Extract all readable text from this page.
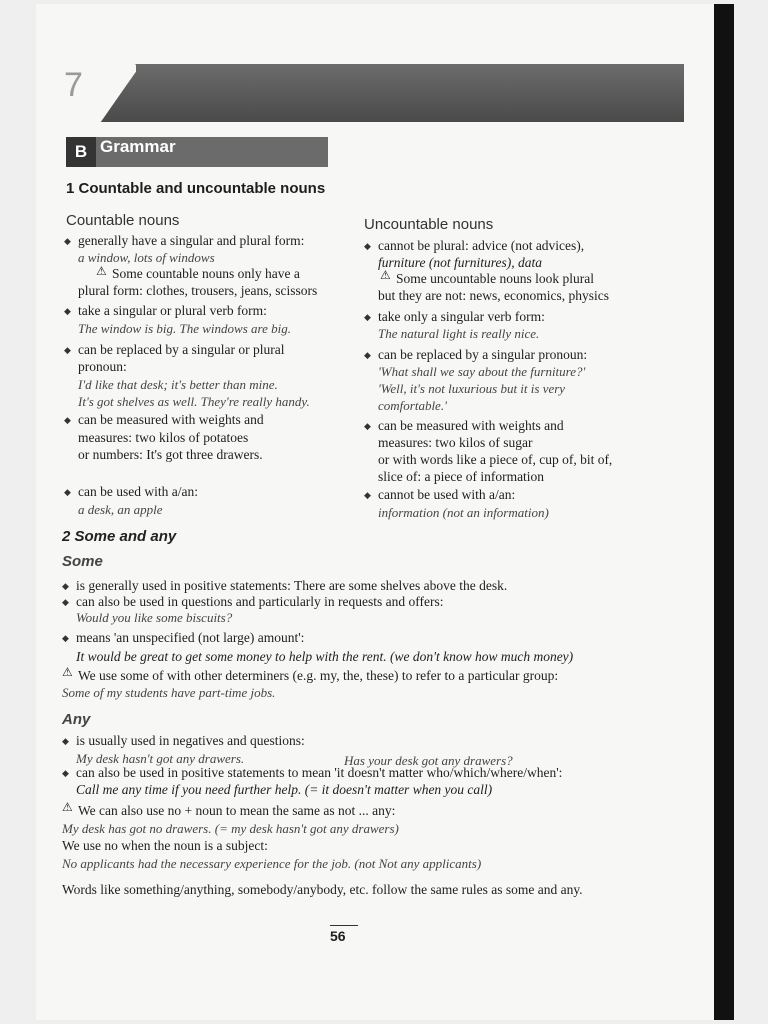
7
B Grammar
1 Countable and uncountable nouns
Countable nouns
◆ generally have a singular and plural form:
a window, lots of windows
⚠ Some countable nouns only have a
plural form: clothes, trousers, jeans, scissors
◆ take a singular or plural verb form:
The window is big. The windows are big.
◆ can be replaced by a singular or plural
pronoun:
I'd like that desk; it's better than mine.
It's got shelves as well. They're really handy.
◆ can be measured with weights and
measures: two kilos of potatoes
or numbers: It's got three drawers.
◆ can be used with a/an:
a desk, an apple
Uncountable nouns
◆ cannot be plural: advice (not advices),
furniture (not furnitures), data
⚠ Some uncountable nouns look plural
but they are not: news, economics, physics
◆ take only a singular verb form:
The natural light is really nice.
◆ can be replaced by a singular pronoun:
'What shall we say about the furniture?'
'Well, it's not luxurious but it is very
comfortable.'
◆ can be measured with weights and
measures: two kilos of sugar
or with words like a piece of, cup of, bit of,
slice of: a piece of information
◆ cannot be used with a/an:
information (not an information)
2 Some and any
Some
◆ is generally used in positive statements: There are some shelves above the desk.
◆ can also be used in questions and particularly in requests and offers:
Would you like some biscuits?
◆ means 'an unspecified (not large) amount':
It would be great to get some money to help with the rent. (we don't know how much money)
⚠ We use some of with other determiners (e.g. my, the, these) to refer to a particular group:
Some of my students have part-time jobs.
Any
◆ is usually used in negatives and questions:
My desk hasn't got any drawers.	Has your desk got any drawers?
◆ can also be used in positive statements to mean 'it doesn't matter who/which/where/when':
Call me any time if you need further help. (= it doesn't matter when you call)
⚠ We can also use no + noun to mean the same as not ... any:
My desk has got no drawers. (= my desk hasn't got any drawers)
We use no when the noun is a subject:
No applicants had the necessary experience for the job. (not Not any applicants)
Words like something/anything, somebody/anybody, etc. follow the same rules as some and any.
56
